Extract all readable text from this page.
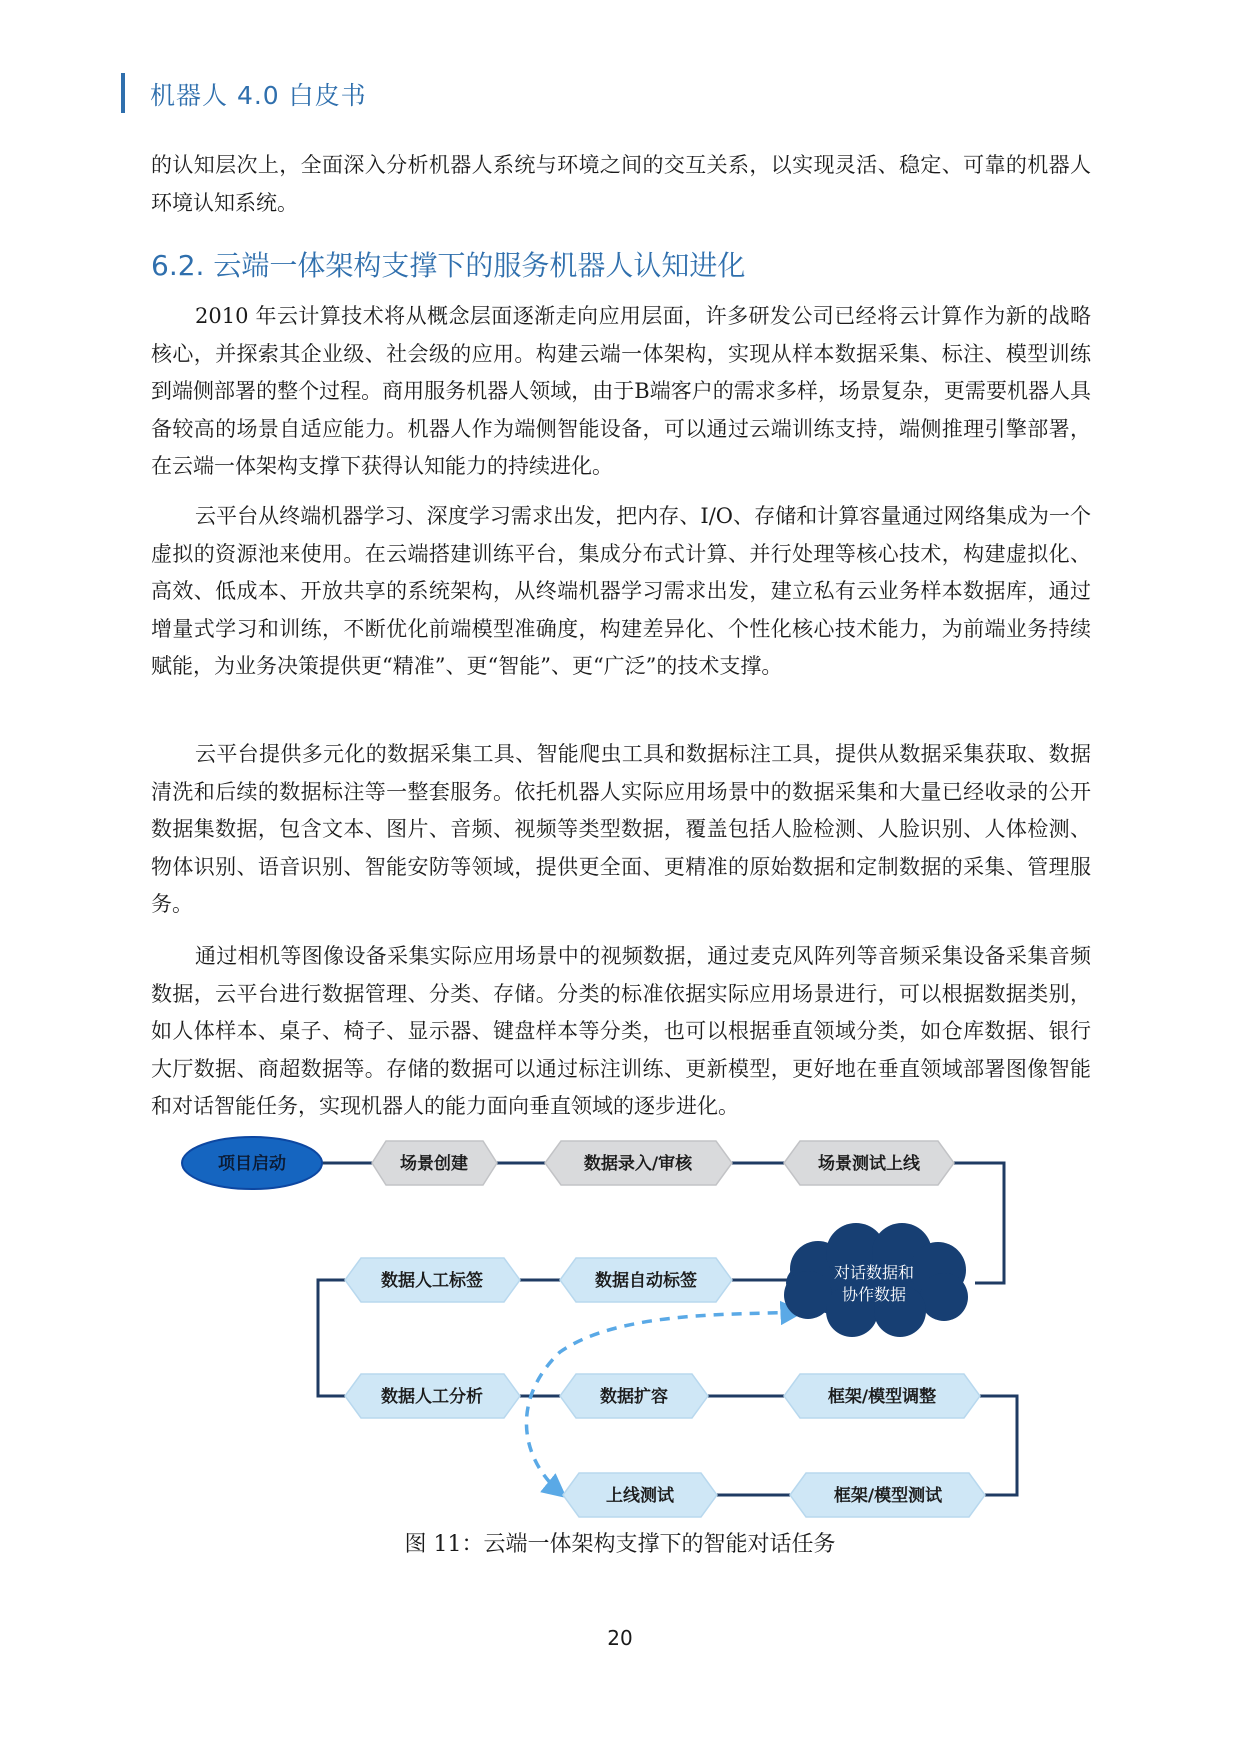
机器人 4.0 白皮书

的认知层次上，全面深入分析机器人系统与环境之间的交互关系，以实现灵活、稳定、可靠的机器人环境认知系统。

6.2. 云端一体架构支撑下的服务机器人认知进化

2010 年云计算技术将从概念层面逐渐走向应用层面，许多研发公司已经将云计算作为新的战略核心，并探索其企业级、社会级的应用。构建云端一体架构，实现从样本数据采集、标注、模型训练到端侧部署的整个过程。商用服务机器人领域，由于B端客户的需求多样，场景复杂，更需要机器人具备较高的场景自适应能力。机器人作为端侧智能设备，可以通过云端训练支持，端侧推理引擎部署，在云端一体架构支撑下获得认知能力的持续进化。

云平台从终端机器学习、深度学习需求出发，把内存、I/O、存储和计算容量通过网络集成为一个虚拟的资源池来使用。在云端搭建训练平台，集成分布式计算、并行处理等核心技术，构建虚拟化、高效、低成本、开放共享的系统架构，从终端机器学习需求出发，建立私有云业务样本数据库，通过增量式学习和训练，不断优化前端模型准确度，构建差异化、个性化核心技术能力，为前端业务持续赋能，为业务决策提供更“精准”、更“智能”、更“广泛”的技术支撑。

云平台提供多元化的数据采集工具、智能爬虫工具和数据标注工具，提供从数据采集获取、数据清洗和后续的数据标注等一整套服务。依托机器人实际应用场景中的数据采集和大量已经收录的公开数据集数据，包含文本、图片、音频、视频等类型数据，覆盖包括人脸检测、人脸识别、人体检测、物体识别、语音识别、智能安防等领域，提供更全面、更精准的原始数据和定制数据的采集、管理服务。

通过相机等图像设备采集实际应用场景中的视频数据，通过麦克风阵列等音频采集设备采集音频数据，云平台进行数据管理、分类、存储。分类的标准依据实际应用场景进行，可以根据数据类别，如人体样本、桌子、椅子、显示器、键盘样本等分类，也可以根据垂直领域分类，如仓库数据、银行大厅数据、商超数据等。存储的数据可以通过标注训练、更新模型，更好地在垂直领域部署图像智能和对话智能任务，实现机器人的能力面向垂直领域的逐步进化。

项目启动	场景创建	数据录入/审核	场景测试上线
对话数据和
协作数据
数据自动标签
数据人工标签
数据人工分析	数据扩容	框架/模型调整
上线测试	框架/模型测试

图 11：云端一体架构支撑下的智能对话任务

20
